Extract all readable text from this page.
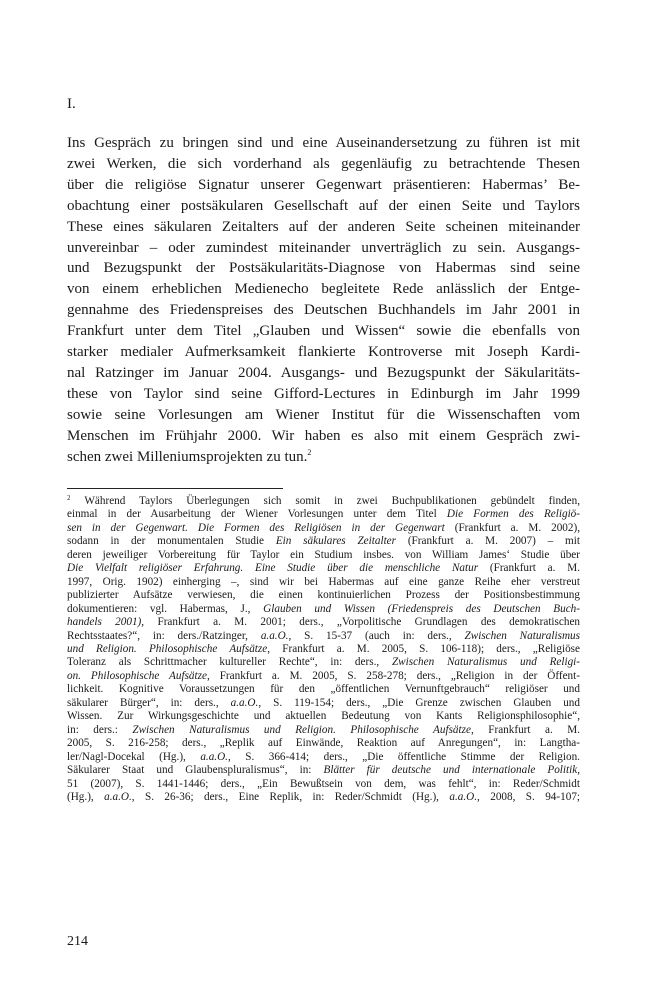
I.
Ins Gespräch zu bringen sind und eine Auseinandersetzung zu führen ist mit
zwei Werken, die sich vorderhand als gegenläufig zu betrachtende Thesen
über die religiöse Signatur unserer Gegenwart präsentieren: Habermas’ Be-
obachtung einer postsäkularen Gesellschaft auf der einen Seite und Taylors
These eines säkularen Zeitalters auf der anderen Seite scheinen miteinander
unvereinbar – oder zumindest miteinander unverträglich zu sein. Ausgangs-
und Bezugspunkt der Postsäkularitäts-Diagnose von Habermas sind seine
von einem erheblichen Medienecho begleitete Rede anlässlich der Entge-
gennahme des Friedenspreises des Deutschen Buchhandels im Jahr 2001 in
Frankfurt unter dem Titel „Glauben und Wissen“ sowie die ebenfalls von
starker medialer Aufmerksamkeit flankierte Kontroverse mit Joseph Kardi-
nal Ratzinger im Januar 2004. Ausgangs- und Bezugspunkt der Säkularitäts-
these von Taylor sind seine Gifford-Lectures in Edinburgh im Jahr 1999
sowie seine Vorlesungen am Wiener Institut für die Wissenschaften vom
Menschen im Frühjahr 2000. Wir haben es also mit einem Gespräch zwi-
schen zwei Milleniumsprojekten zu tun.$^2$
$^2$ Während Taylors Überlegungen sich somit in zwei Buchpublikationen gebündelt finden,
einmal in der Ausarbeitung der Wiener Vorlesungen unter dem Titel Die Formen des Religiö-
sen in der Gegenwart. Die Formen des Religiösen in der Gegenwart (Frankfurt a. M. 2002),
sodann in der monumentalen Studie Ein säkulares Zeitalter (Frankfurt a. M. 2007) – mit
deren jeweiliger Vorbereitung für Taylor ein Studium insbes. von William James‘ Studie über
Die Vielfalt religiöser Erfahrung. Eine Studie über die menschliche Natur (Frankfurt a. M.
1997, Orig. 1902) einherging –, sind wir bei Habermas auf eine ganze Reihe eher verstreut
publizierter Aufsätze verwiesen, die einen kontinuierlichen Prozess der Positionsbestimmung
dokumentieren: vgl. Habermas, J., Glauben und Wissen (Friedenspreis des Deutschen Buch-
handels 2001), Frankfurt a. M. 2001; ders., „Vorpolitische Grundlagen des demokratischen
Rechtsstaates?“, in: ders./Ratzinger, a.a.O., S. 15-37 (auch in: ders., Zwischen Naturalismus
und Religion. Philosophische Aufsätze, Frankfurt a. M. 2005, S. 106-118); ders., „Religiöse
Toleranz als Schrittmacher kultureller Rechte“, in: ders., Zwischen Naturalismus und Religi-
on. Philosophische Aufsätze, Frankfurt a. M. 2005, S. 258-278; ders., „Religion in der Öffent-
lichkeit. Kognitive Voraussetzungen für den „öffentlichen Vernunftgebrauch“ religiöser und
säkularer Bürger“, in: ders., a.a.O., S. 119-154; ders., „Die Grenze zwischen Glauben und
Wissen. Zur Wirkungsgeschichte und aktuellen Bedeutung von Kants Religionsphilosophie“,
in: ders.: Zwischen Naturalismus und Religion. Philosophische Aufsätze, Frankfurt a. M.
2005, S. 216-258; ders., „Replik auf Einwände, Reaktion auf Anregungen“, in: Langtha-
ler/Nagl-Docekal (Hg.), a.a.O., S. 366-414; ders., „Die öffentliche Stimme der Religion.
Säkularer Staat und Glaubenspluralismus“, in: Blätter für deutsche und internationale Politik,
51 (2007), S. 1441-1446; ders., „Ein Bewußtsein von dem, was fehlt“, in: Reder/Schmidt
(Hg.), a.a.O., S. 26-36; ders., Eine Replik, in: Reder/Schmidt (Hg.), a.a.O., 2008, S. 94-107;
214
